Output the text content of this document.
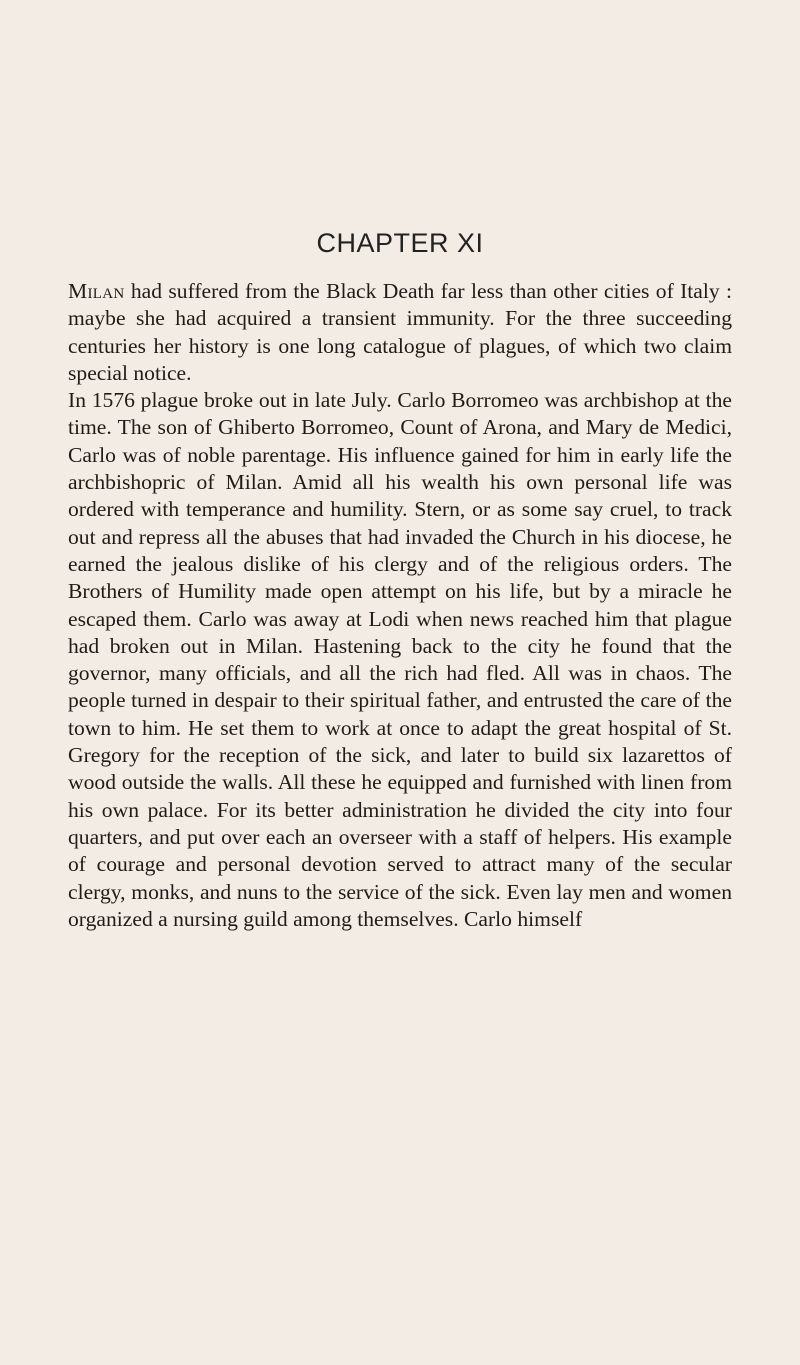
CHAPTER XI

Milan had suffered from the Black Death far less than other cities of Italy : maybe she had acquired a transient immunity. For the three succeeding centuries her history is one long catalogue of plagues, of which two claim special notice.

In 1576 plague broke out in late July. Carlo Borromeo was archbishop at the time. The son of Ghiberto Borromeo, Count of Arona, and Mary de Medici, Carlo was of noble parentage. His influence gained for him in early life the archbishopric of Milan. Amid all his wealth his own personal life was ordered with temperance and humility. Stern, or as some say cruel, to track out and repress all the abuses that had invaded the Church in his diocese, he earned the jealous dislike of his clergy and of the religious orders. The Brothers of Humility made open attempt on his life, but by a miracle he escaped them. Carlo was away at Lodi when news reached him that plague had broken out in Milan. Hastening back to the city he found that the governor, many officials, and all the rich had fled. All was in chaos. The people turned in despair to their spiritual father, and entrusted the care of the town to him. He set them to work at once to adapt the great hospital of St. Gregory for the reception of the sick, and later to build six lazarettos of wood outside the walls. All these he equipped and furnished with linen from his own palace. For its better administration he divided the city into four quarters, and put over each an overseer with a staff of helpers. His example of courage and personal devotion served to attract many of the secular clergy, monks, and nuns to the service of the sick. Even lay men and women organized a nursing guild among themselves. Carlo himself
